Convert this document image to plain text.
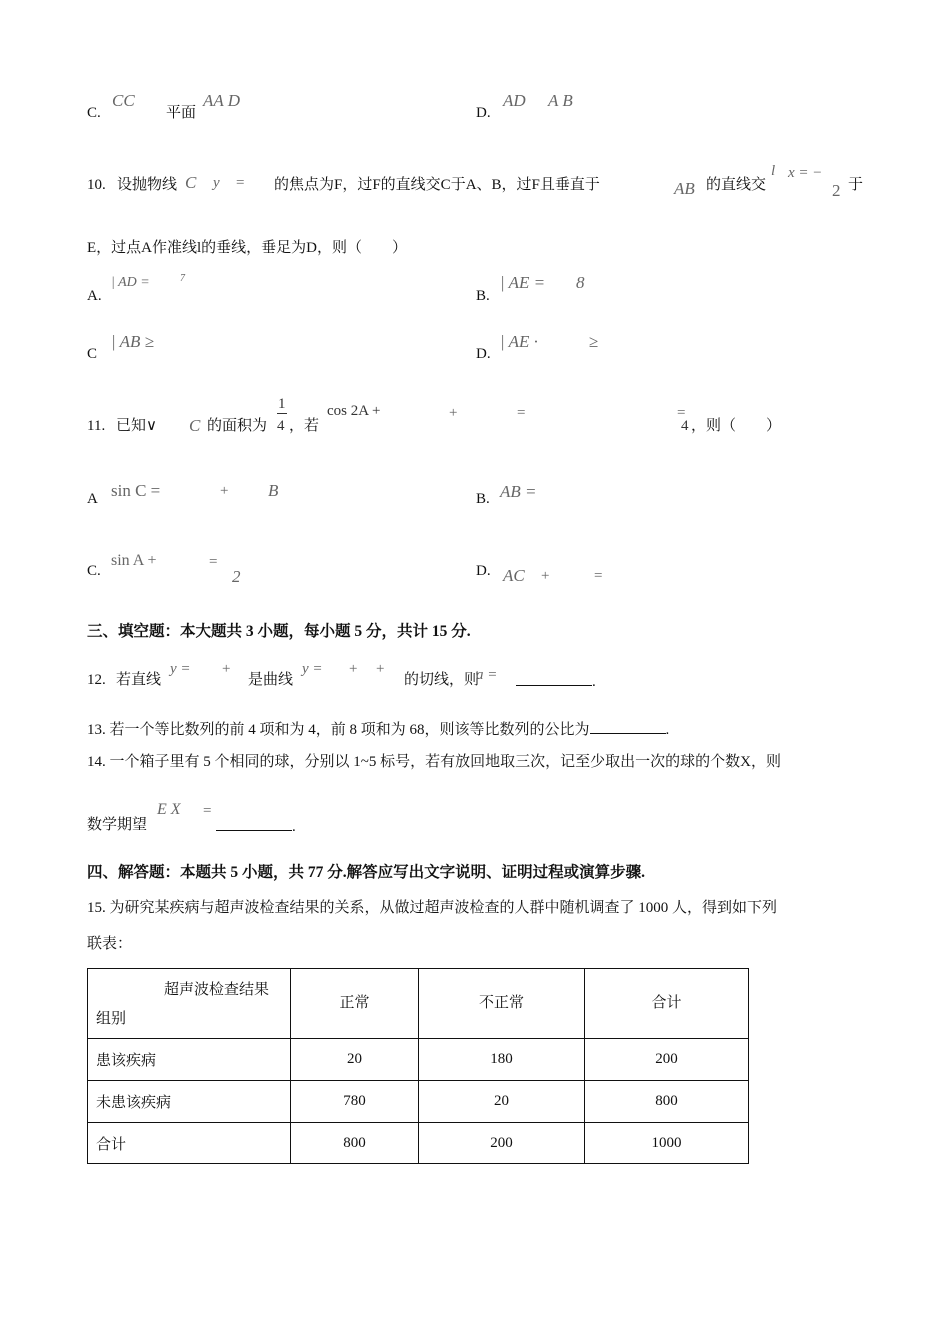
C.
CC
平面
AA D
D.
AD A B
10. 设抛物线 C y = 的焦点为F，过F的直线交C于A、B，过F且垂直于	AB 的直线交
l x = −
2 于
E，过点A作准线l的垂线，垂足为D，则（　　）
A.
| AD =	7
B.
| AE = 8
C
| AB ≥
D.
| AE ·	≥
11. 已知∨ C 的面积为
1
4 ，若
cos 2A +	+	=	=
4 ，则（　　）
A sin C =	+ B	B. AB =
C.
sin A +	=
2	D. AC +	=
三、填空题：本大题共 3 小题，每小题 5 分，共计 15 分.
12. 若直线
y = +
是曲线
y = + +
的切线，则
a =	.
13. 若一个等比数列的前 4 项和为 4，前 8 项和为 68，则该等比数列的公比为	.
14. 一个箱子里有 5 个相同的球，分别以 1~5 标号，若有放回地取三次，记至少取出一次的球的个数X，则
数学期望
E X =
.
四、解答题：本题共 5 小题，共 77 分.解答应写出文字说明、证明过程或演算步骤.
15. 为研究某疾病与超声波检查结果的关系，从做过超声波检查的人群中随机调查了 1000 人，得到如下列
联表：
超声波检查结果
组别	正常	不正常	合计
患该疾病	20	180	200
未患该疾病	780	20	800
合计	800	200	1000
